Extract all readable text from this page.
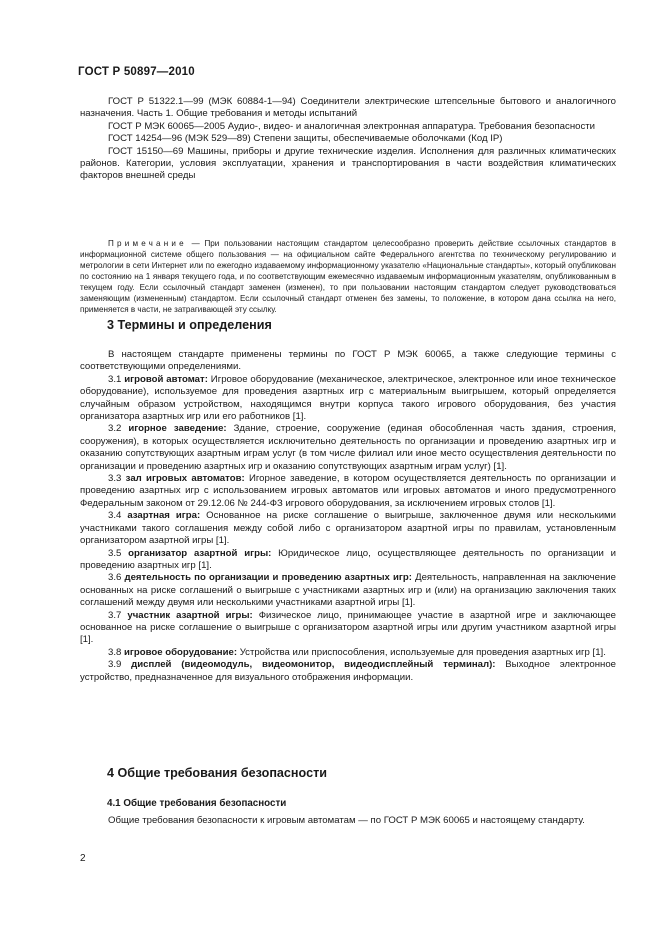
ГОСТ Р 50897—2010

ГОСТ Р 51322.1—99 (МЭК 60884-1—94) Соединители электрические штепсельные бытового и аналогичного назначения. Часть 1. Общие требования и методы испытаний

ГОСТ Р МЭК 60065—2005 Аудио-, видео- и аналогичная электронная аппаратура. Требования безопасности

ГОСТ 14254—96 (МЭК 529—89) Степени защиты, обеспечиваемые оболочками (Код IP)

ГОСТ 15150—69 Машины, приборы и другие технические изделия. Исполнения для различных климатических районов. Категории, условия эксплуатации, хранения и транспортирования в части воздействия климатических факторов внешней среды

Примечание — При пользовании настоящим стандартом целесообразно проверить действие ссылочных стандартов в информационной системе общего пользования — на официальном сайте Федерального агентства по техническому регулированию и метрологии в сети Интернет или по ежегодно издаваемому информационному указателю «Национальные стандарты», который опубликован по состоянию на 1 января текущего года, и по соответствующим ежемесячно издаваемым информационным указателям, опубликованным в текущем году. Если ссылочный стандарт заменен (изменен), то при пользовании настоящим стандартом следует руководствоваться заменяющим (измененным) стандартом. Если ссылочный стандарт отменен без замены, то положение, в котором дана ссылка на него, применяется в части, не затрагивающей эту ссылку.

3 Термины и определения

В настоящем стандарте применены термины по ГОСТ Р МЭК 60065, а также следующие термины с соответствующими определениями.

3.1 игровой автомат: Игровое оборудование (механическое, электрическое, электронное или иное техническое оборудование), используемое для проведения азартных игр с материальным выигрышем, который определяется случайным образом устройством, находящимся внутри корпуса такого игрового оборудования, без участия организатора азартных игр или его работников [1].

3.2 игорное заведение: Здание, строение, сооружение (единая обособленная часть здания, строения, сооружения), в которых осуществляется исключительно деятельность по организации и проведению азартных игр и оказанию сопутствующих азартным играм услуг (в том числе филиал или иное место осуществления деятельности по организации и проведению азартных игр и оказанию сопутствующих азартным играм услуг) [1].

3.3 зал игровых автоматов: Игорное заведение, в котором осуществляется деятельность по организации и проведению азартных игр с использованием игровых автоматов или игровых автоматов и иного предусмотренного Федеральным законом от 29.12.06 № 244-ФЗ игрового оборудования, за исключением игровых столов [1].

3.4 азартная игра: Основанное на риске соглашение о выигрыше, заключенное двумя или несколькими участниками такого соглашения между собой либо с организатором азартной игры по правилам, установленным организатором азартной игры [1].

3.5 организатор азартной игры: Юридическое лицо, осуществляющее деятельность по организации и проведению азартных игр [1].

3.6 деятельность по организации и проведению азартных игр: Деятельность, направленная на заключение основанных на риске соглашений о выигрыше с участниками азартных игр и (или) на организацию заключения таких соглашений между двумя или несколькими участниками азартной игры [1].

3.7 участник азартной игры: Физическое лицо, принимающее участие в азартной игре и заключающее основанное на риске соглашение о выигрыше с организатором азартной игры или другим участником азартной игры [1].

3.8 игровое оборудование: Устройства или приспособления, используемые для проведения азартных игр [1].

3.9 дисплей (видеомодуль, видеомонитор, видеодисплейный терминал): Выходное электронное устройство, предназначенное для визуального отображения информации.

4 Общие требования безопасности
4.1 Общие требования безопасности

Общие требования безопасности к игровым автоматам — по ГОСТ Р МЭК 60065 и настоящему стандарту.

2
